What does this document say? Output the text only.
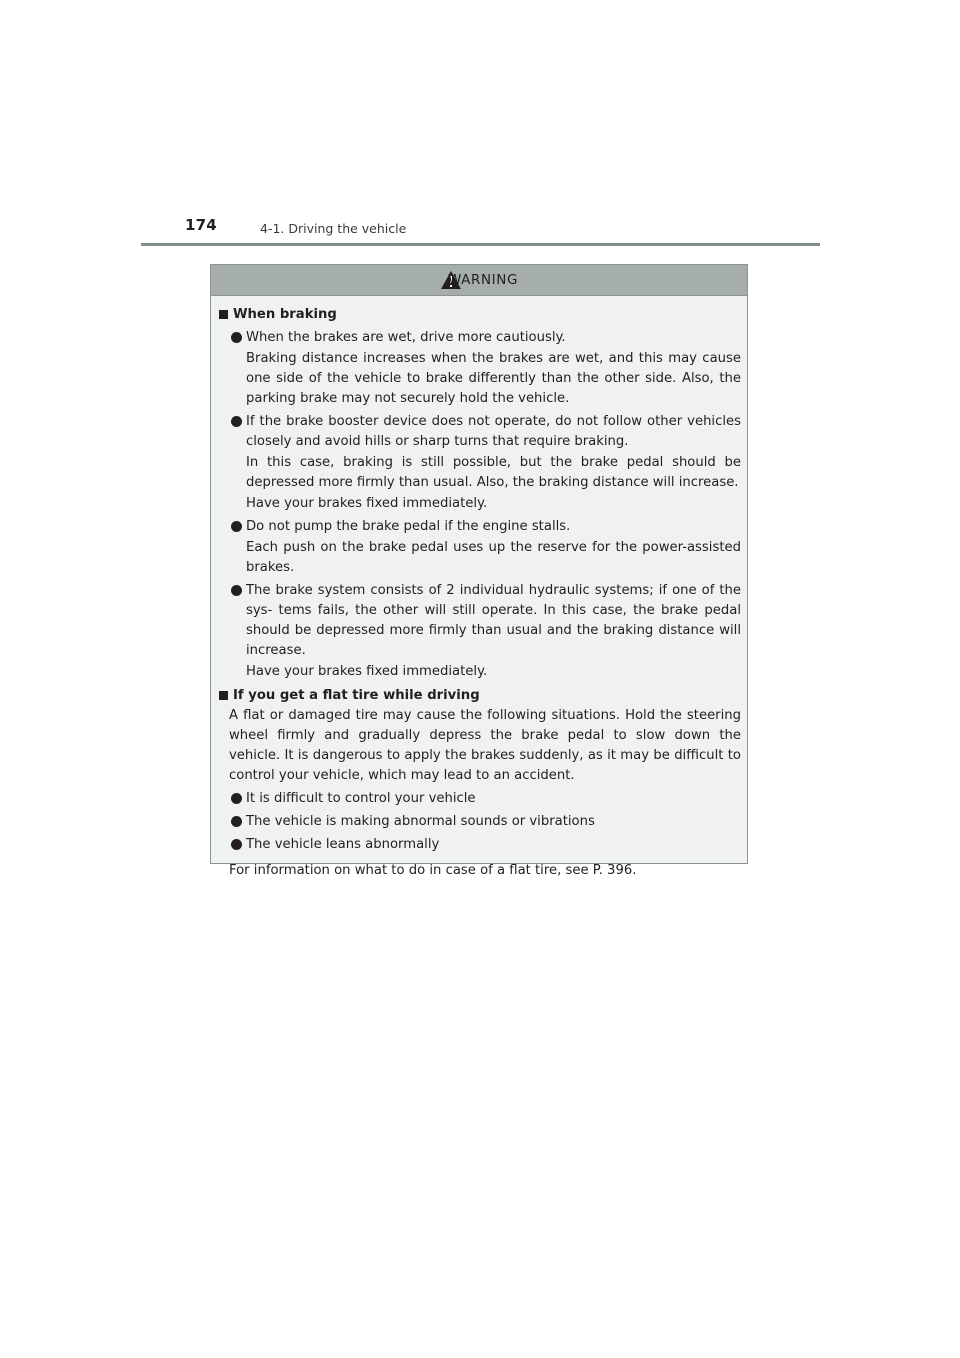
174	4-1. Driving the vehicle
WARNING
When braking
When the brakes are wet, drive more cautiously.
Braking distance increases when the brakes are wet, and this may cause one side of the vehicle to brake differently than the other side. Also, the parking brake may not securely hold the vehicle.
If the brake booster device does not operate, do not follow other vehicles closely and avoid hills or sharp turns that require braking.
In this case, braking is still possible, but the brake pedal should be depressed more firmly than usual. Also, the braking distance will increase.
Have your brakes fixed immediately.
Do not pump the brake pedal if the engine stalls.
Each push on the brake pedal uses up the reserve for the power-assisted brakes.
The brake system consists of 2 individual hydraulic systems; if one of the sys- tems fails, the other will still operate. In this case, the brake pedal should be depressed more firmly than usual and the braking distance will increase.
Have your brakes fixed immediately.
If you get a flat tire while driving
A flat or damaged tire may cause the following situations. Hold the steering wheel firmly and gradually depress the brake pedal to slow down the vehicle. It is dangerous to apply the brakes suddenly, as it may be difficult to control your vehicle, which may lead to an accident.
It is difficult to control your vehicle
The vehicle is making abnormal sounds or vibrations
The vehicle leans abnormally
For information on what to do in case of a flat tire, see P. 396.
